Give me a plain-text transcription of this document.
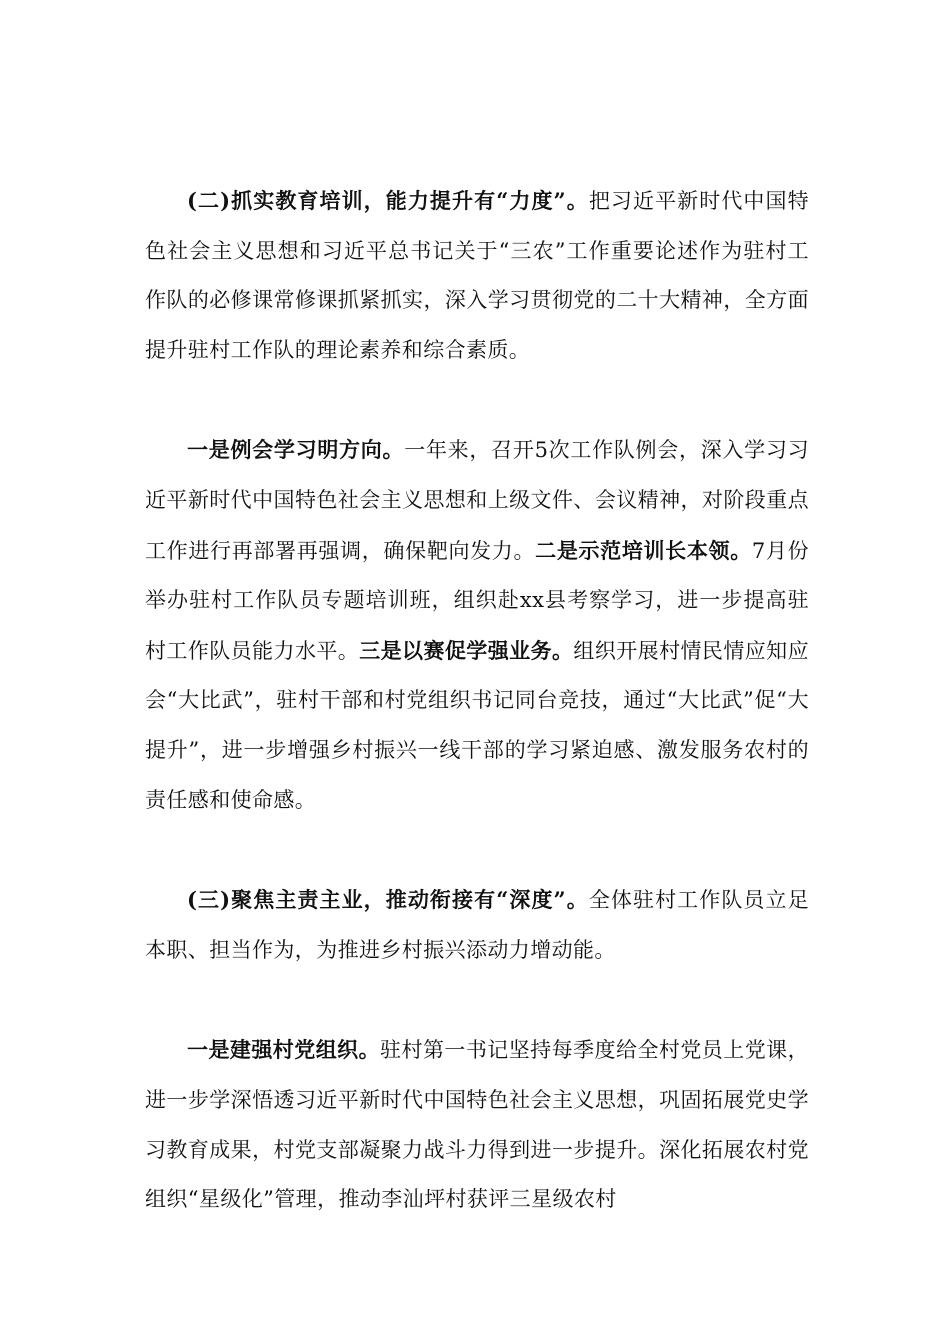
(二)抓实教育培训，能力提升有“力度”。把习近平新时代中国特色社会主义思想和习近平总书记关于“三农”工作重要论述作为驻村工作队的必修课常修课抓紧抓实，深入学习贯彻党的二十大精神，全方面提升驻村工作队的理论素养和综合素质。

一是例会学习明方向。一年来，召开5次工作队例会，深入学习习近平新时代中国特色社会主义思想和上级文件、会议精神，对阶段重点工作进行再部署再强调，确保靶向发力。二是示范培训长本领。7月份举办驻村工作队员专题培训班，组织赴xx县考察学习，进一步提高驻村工作队员能力水平。三是以赛促学强业务。组织开展村情民情应知应会“大比武”，驻村干部和村党组织书记同台竞技，通过“大比武”促“大提升”，进一步增强乡村振兴一线干部的学习紧迫感、激发服务农村的责任感和使命感。

(三)聚焦主责主业，推动衔接有“深度”。全体驻村工作队员立足本职、担当作为，为推进乡村振兴添动力增动能。

一是建强村党组织。驻村第一书记坚持每季度给全村党员上党课，进一步学深悟透习近平新时代中国特色社会主义思想，巩固拓展党史学习教育成果，村党支部凝聚力战斗力得到进一步提升。深化拓展农村党组织“星级化”管理，推动李汕坪村获评三星级农村
